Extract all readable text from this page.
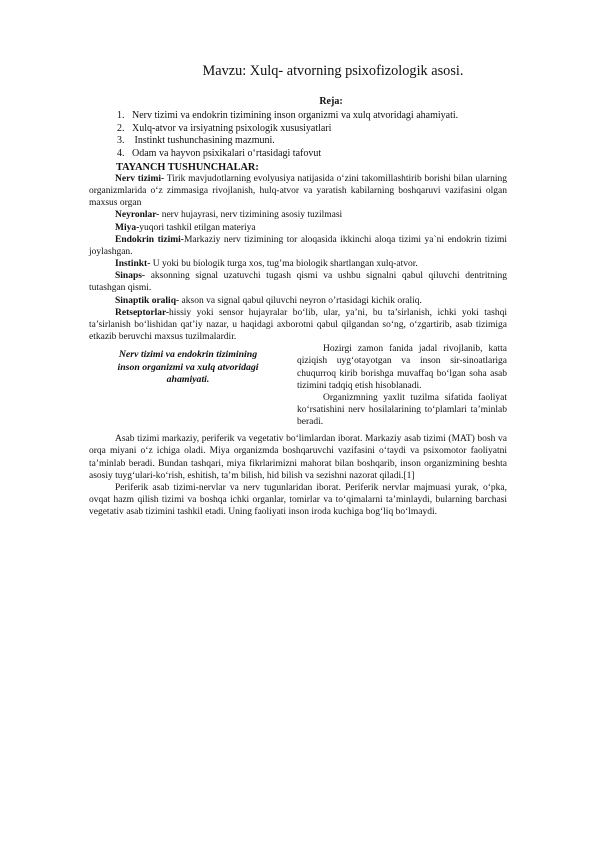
Mavzu: Xulq- atvorning psixofizologik asosi.
Reja:
1. Nerv tizimi va endokrin tizimining inson organizmi va xulq atvoridagi ahamiyati.
2. Xulq-atvor va irsiyatning psixologik xususiyatlari
3. Instinkt tushunchasining mazmuni.
4. Odam va hayvon psixikalari o‘rtasidagi tafovut
TAYANCH TUSHUNCHALAR:

Nerv tizimi- Tirik mavjudotlarning evolyusiya natijasida o‘zini takomillashtirib borishi bilan ularning organizmlarida o‘z zimmasiga rivojlanish, hulq-atvor va yaratish kabilarning boshqaruvi vazifasini olgan maxsus organ

Neyronlar- nerv hujayrasi, nerv tizimining asosiy tuzilmasi

Miya-yuqori tashkil etilgan materiya

Endokrin tizimi-Markaziy nerv tizimining tor aloqasida ikkinchi aloqa tizimi ya`ni endokrin tizimi joylashgan.

Instinkt- U yoki bu biologik turga xos, tug’ma biologik shartlangan xulq-atvor.

Sinaps- aksonning signal uzatuvchi tugash qismi va ushbu signalni qabul qiluvchi dentritning tutashgan qismi.

Sinaptik oraliq- akson va signal qabul qiluvchi neyron o’rtasidagi kichik oraliq.

Retseptorlar-hissiy yoki sensor hujayralar bo‘lib, ular, ya’ni, bu ta’sirlanish, ichki yoki tashqi ta’sirlanish bo‘lishidan qat’iy nazar, u haqidagi axborotni qabul qilgandan so‘ng, o‘zgartirib, asab tizimiga etkazib beruvchi maxsus tuzilmalardir.

Nerv tizimi va endokrin tizimining
inson organizmi va xulq atvoridagi
ahamiyati.

Hozirgi zamon fanida jadal rivojlanib, katta qiziqish uyg‘otayotgan va inson sir-sinoatlariga chuqurroq kirib borishga muvaffaq bo‘lgan soha asab tizimini tadqiq etish hisoblanadi.

Organizmning yaxlit tuzilma sifatida faoliyat ko‘rsatishini nerv hosilalarining to‘plamlari ta’minlab beradi.

Asab tizimi markaziy, periferik va vegetativ bo‘limlardan iborat. Markaziy asab tizimi (MAT) bosh va orqa miyani o‘z ichiga oladi. Miya organizmda boshqaruvchi vazifasini o‘taydi va psixomotor faoliyatni ta’minlab beradi. Bundan tashqari, miya fikrlarimizni mahorat bilan boshqarib, inson organizmining beshta asosiy tuyg‘ulari-ko‘rish, eshitish, ta’m bilish, hid bilish va sezishni nazorat qiladi.[1]

Periferik asab tizimi-nervlar va nerv tugunlaridan iborat. Periferik nervlar majmuasi yurak, o‘pka, ovqat hazm qilish tizimi va boshqa ichki organlar, tomirlar va to‘qimalarni ta’minlaydi, bularning barchasi vegetativ asab tizimini tashkil etadi. Uning faoliyati inson iroda kuchiga bog‘liq bo‘lmaydi.
